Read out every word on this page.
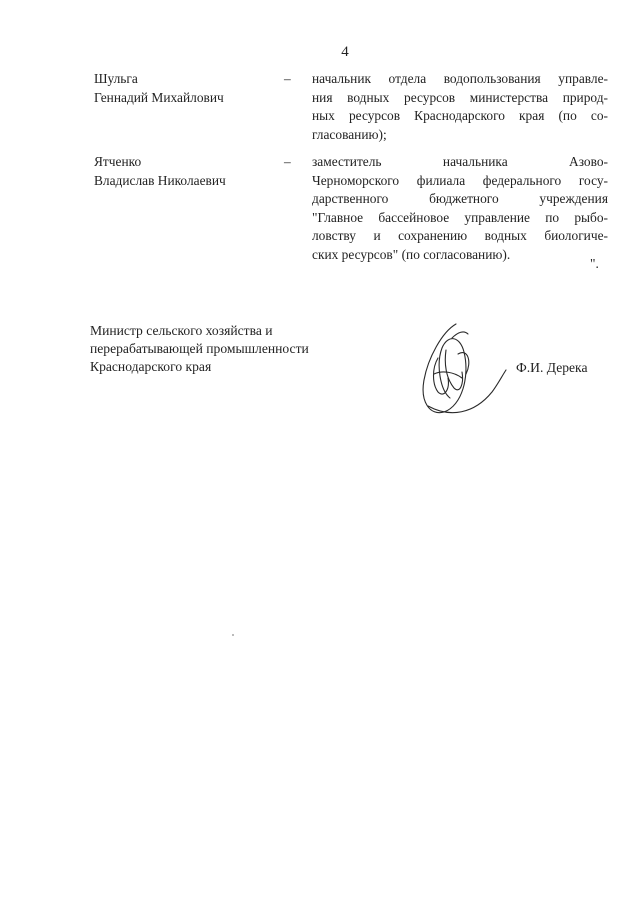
4
Шульга
Геннадий Михайлович
– начальник отдела водопользования управле-
ния водных ресурсов министерства природ-
ных ресурсов Краснодарского края (по со-
гласованию);
Ятченко
Владислав Николаевич
– заместитель начальника Азово-
Черноморского филиала федерального госу-
дарственного бюджетного учреждения
"Главное бассейновое управление по рыбо-
ловству и сохранению водных биологиче-
ских ресурсов" (по согласованию).
".
Министр сельского хозяйства и
перерабатывающей промышленности
Краснодарского края	Ф.И. Дерека
